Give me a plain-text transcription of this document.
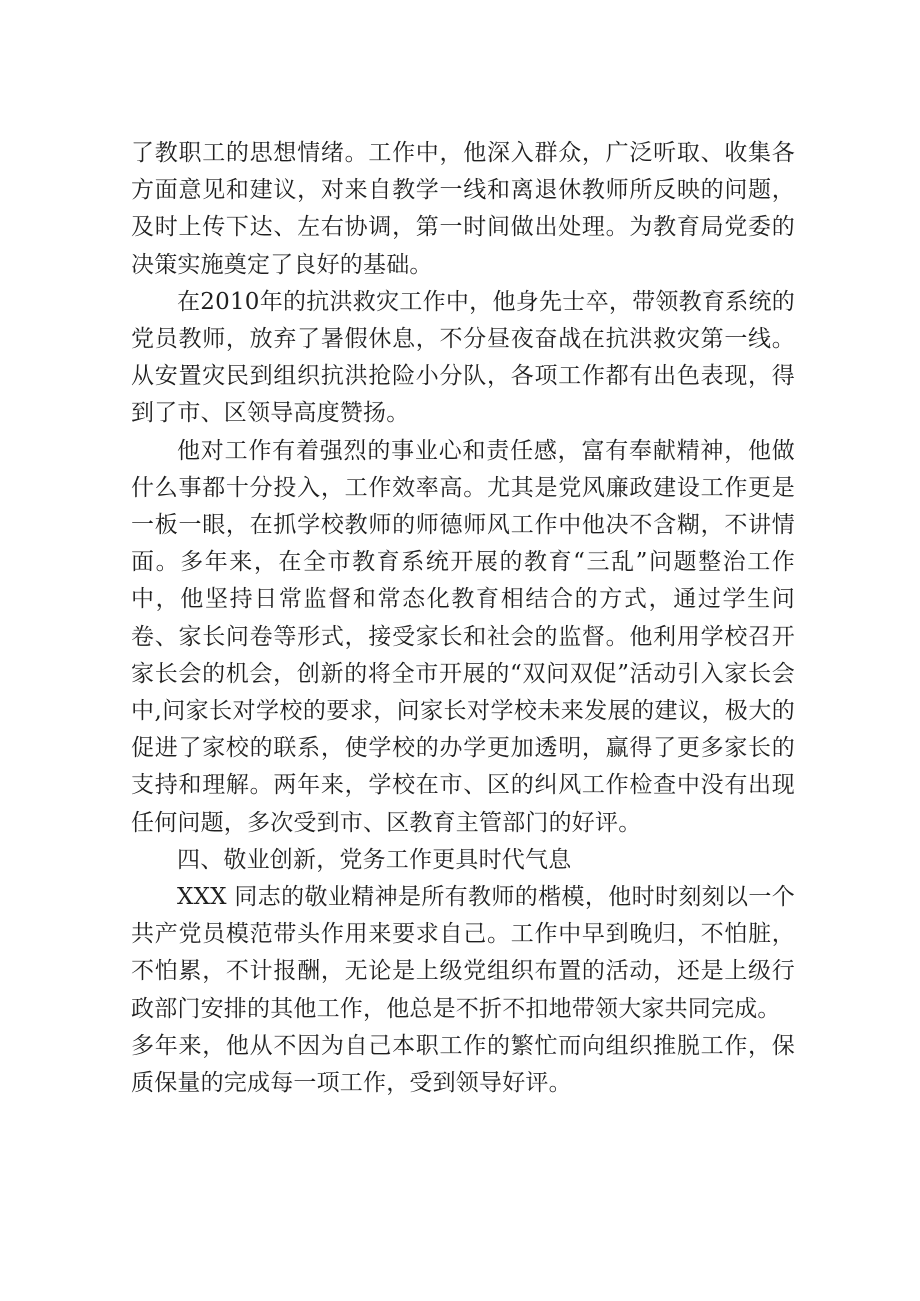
了教职工的思想情绪。工作中，他深入群众，广泛听取、收集各方面意见和建议，对来自教学一线和离退休教师所反映的问题，及时上传下达、左右协调，第一时间做出处理。为教育局党委的决策实施奠定了良好的基础。

在2010年的抗洪救灾工作中，他身先士卒，带领教育系统的党员教师，放弃了暑假休息，不分昼夜奋战在抗洪救灾第一线。从安置灾民到组织抗洪抢险小分队，各项工作都有出色表现，得到了市、区领导高度赞扬。

他对工作有着强烈的事业心和责任感，富有奉献精神，他做什么事都十分投入，工作效率高。尤其是党风廉政建设工作更是一板一眼，在抓学校教师的师德师风工作中他决不含糊，不讲情面。多年来，在全市教育系统开展的教育“三乱”问题整治工作中，他坚持日常监督和常态化教育相结合的方式，通过学生问卷、家长问卷等形式，接受家长和社会的监督。他利用学校召开家长会的机会，创新的将全市开展的“双问双促”活动引入家长会中,问家长对学校的要求，问家长对学校未来发展的建议，极大的促进了家校的联系，使学校的办学更加透明，赢得了更多家长的支持和理解。两年来，学校在市、区的纠风工作检查中没有出现任何问题，多次受到市、区教育主管部门的好评。

四、敬业创新，党务工作更具时代气息

XXX 同志的敬业精神是所有教师的楷模，他时时刻刻以一个共产党员模范带头作用来要求自己。工作中早到晚归，不怕脏，不怕累，不计报酬，无论是上级党组织布置的活动，还是上级行政部门安排的其他工作，他总是不折不扣地带领大家共同完成。

多年来，他从不因为自己本职工作的繁忙而向组织推脱工作，保质保量的完成每一项工作，受到领导好评。
